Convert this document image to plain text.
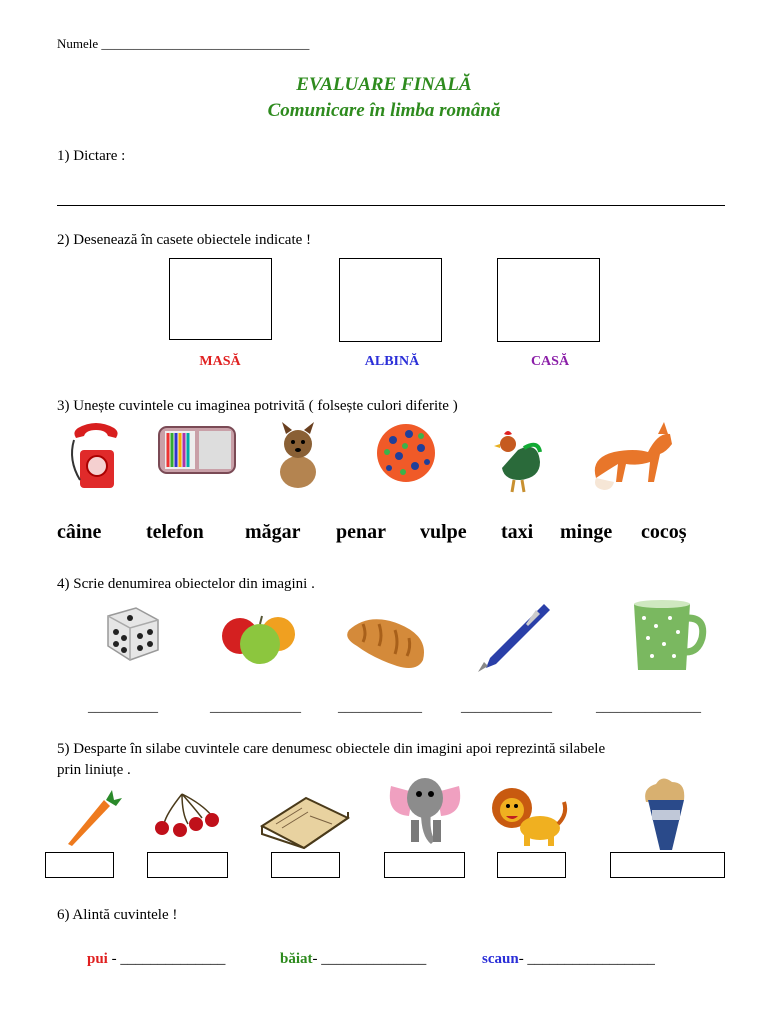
Numele ________________________________
EVALUARE FINALĂ
Comunicare în limba română
1) Dictare :
2) Desenează în casete obiectele indicate !
MASĂ	ALBINĂ	CASĂ
3) Unește cuvintele cu imaginea potrivită ( folsește culori diferite )
câine telefon măgar penar vulpe taxi minge cocoș
4) Scrie denumirea obiectelor din imagini .
__________	_____________	____________	_____________	_______________
5) Desparte în silabe cuvintele care denumesc obiectele din imagini apoi reprezintă silabele
prin liniuțe .
6) Alintă cuvintele !
pui - ______________	băiat- ______________	scaun- _________________
